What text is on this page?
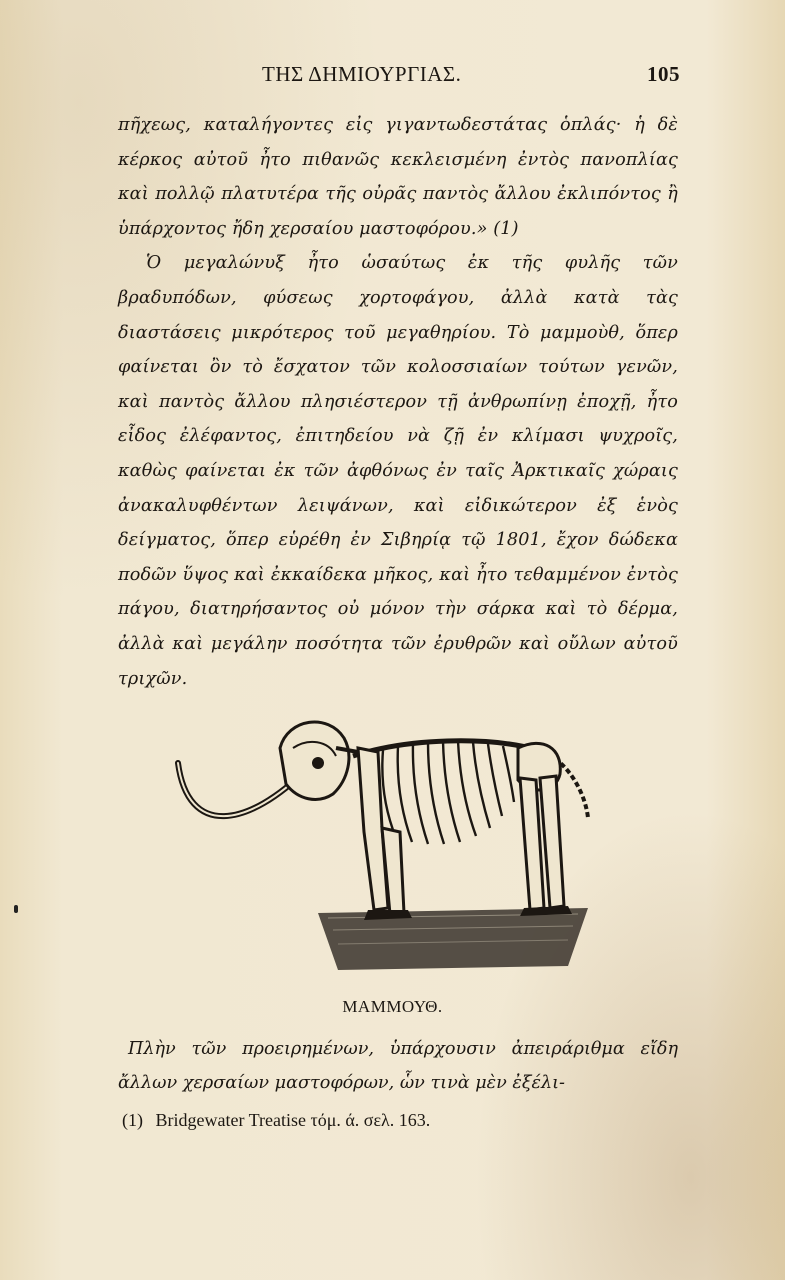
ΤΗΣ ΔΗΜΙΟΥΡΓΙΑΣ.	105

πῆχεως, καταλήγοντες εἰς γιγαντωδεστάτας ὁπλάς· ἡ δὲ κέρκος αὐτοῦ ἦτο πιθανῶς κεκλεισμένη ἐντὸς πανοπλίας καὶ πολλῷ πλατυτέρα τῆς οὐρᾶς παντὸς ἄλλου ἐκλιπόντος ἢ ὑπάρχοντος ἤδη χερσαίου μαστοφόρου.» (1)

Ὁ μεγαλώνυξ ἦτο ὡσαύτως ἐκ τῆς φυλῆς τῶν βραδυπόδων, φύσεως χορτοφάγου, ἀλλὰ κατὰ τὰς διαστάσεις μικρότερος τοῦ μεγαθηρίου. Τὸ μαμμοὺθ, ὅπερ φαίνεται ὂν τὸ ἔσχατον τῶν κολοσσιαίων τούτων γενῶν, καὶ παντὸς ἄλλου πλησιέστερον τῇ ἀνθρωπίνῃ ἐποχῇ, ἦτο εἶδος ἐλέφαντος, ἐπιτηδείου νὰ ζῇ ἐν κλίμασι ψυχροῖς, καθὼς φαίνεται ἐκ τῶν ἀφθόνως ἐν ταῖς Ἀρκτικαῖς χώραις ἀνακαλυφθέντων λειψάνων, καὶ εἰδικώτερον ἐξ ἑνὸς δείγματος, ὅπερ εὑρέθη ἐν Σιβηρίᾳ τῷ 1801, ἔχον δώδεκα ποδῶν ὕψος καὶ ἐκκαίδεκα μῆκος, καὶ ἦτο τεθαμμένον ἐντὸς πάγου, διατηρήσαντος οὐ μόνον τὴν σάρκα καὶ τὸ δέρμα, ἀλλὰ καὶ μεγάλην ποσότητα τῶν ἐρυθρῶν καὶ οὔλων αὐτοῦ τριχῶν.

ΜΑΜΜΟΥΘ.

Πλὴν τῶν προειρημένων, ὑπάρχουσιν ἀπειράριθμα εἴδη ἄλλων χερσαίων μαστοφόρων, ὧν τινὰ μὲν ἐξέλι-

(1) Bridgewater Treatise τόμ. ά. σελ. 163.
